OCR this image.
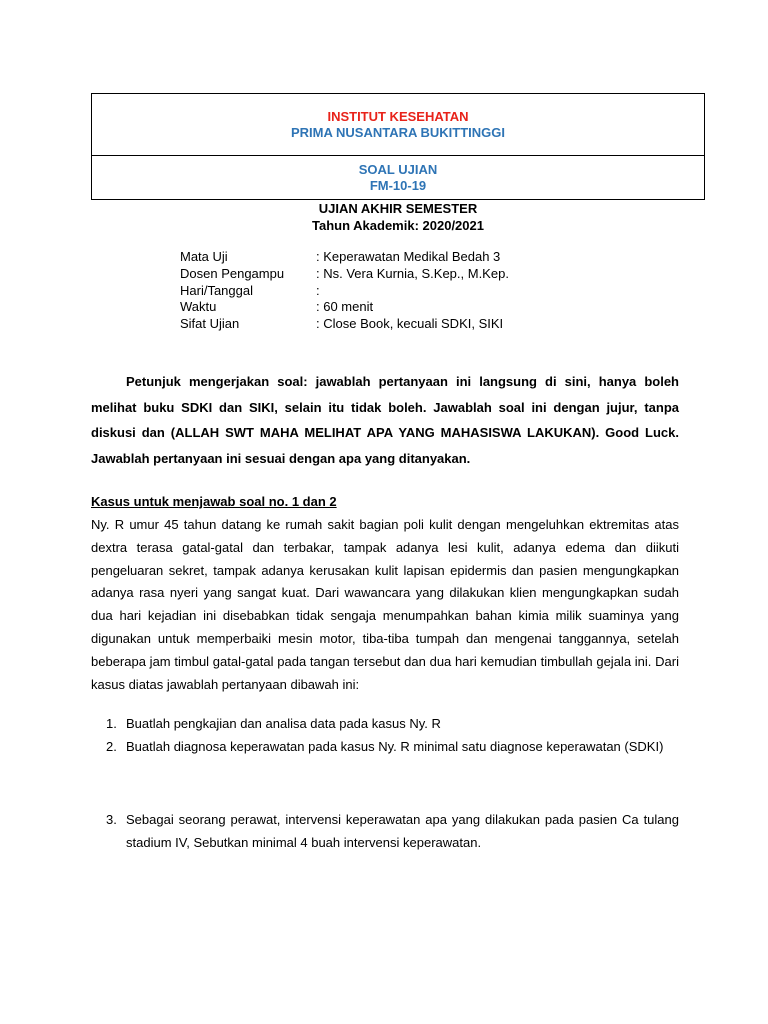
INSTITUT KESEHATAN
PRIMA NUSANTARA BUKITTINGGI
SOAL UJIAN
FM-10-19
UJIAN AKHIR SEMESTER
Tahun Akademik: 2020/2021
Mata Uji	: Keperawatan Medikal Bedah 3
Dosen Pengampu	: Ns. Vera Kurnia, S.Kep., M.Kep.
Hari/Tanggal	:
Waktu	: 60 menit
Sifat Ujian	: Close Book, kecuali SDKI, SIKI
Petunjuk mengerjakan soal: jawablah pertanyaan ini langsung di sini, hanya boleh melihat buku SDKI dan SIKI, selain itu tidak boleh. Jawablah soal ini dengan jujur, tanpa diskusi dan (ALLAH SWT MAHA MELIHAT APA YANG MAHASISWA LAKUKAN). Good Luck. Jawablah pertanyaan ini sesuai dengan apa yang ditanyakan.
Kasus untuk menjawab soal no. 1 dan 2
Ny. R umur 45 tahun datang ke rumah sakit bagian poli kulit dengan mengeluhkan ektremitas atas dextra terasa gatal-gatal dan terbakar, tampak adanya lesi kulit, adanya edema dan diikuti pengeluaran sekret, tampak adanya kerusakan kulit lapisan epidermis dan pasien mengungkapkan adanya rasa nyeri yang sangat kuat. Dari wawancara yang dilakukan klien mengungkapkan sudah dua hari kejadian ini disebabkan tidak sengaja menumpahkan bahan kimia milik suaminya yang digunakan untuk memperbaiki mesin motor, tiba-tiba tumpah dan mengenai tanggannya, setelah beberapa jam timbul gatal-gatal pada tangan tersebut dan dua hari kemudian timbullah gejala ini. Dari kasus diatas jawablah pertanyaan dibawah ini:
1. Buatlah pengkajian dan analisa data pada kasus Ny. R
2. Buatlah diagnosa keperawatan pada kasus Ny. R minimal satu diagnose keperawatan (SDKI)
3. Sebagai seorang perawat, intervensi keperawatan apa yang dilakukan pada pasien Ca tulang stadium IV, Sebutkan minimal 4 buah intervensi keperawatan.
